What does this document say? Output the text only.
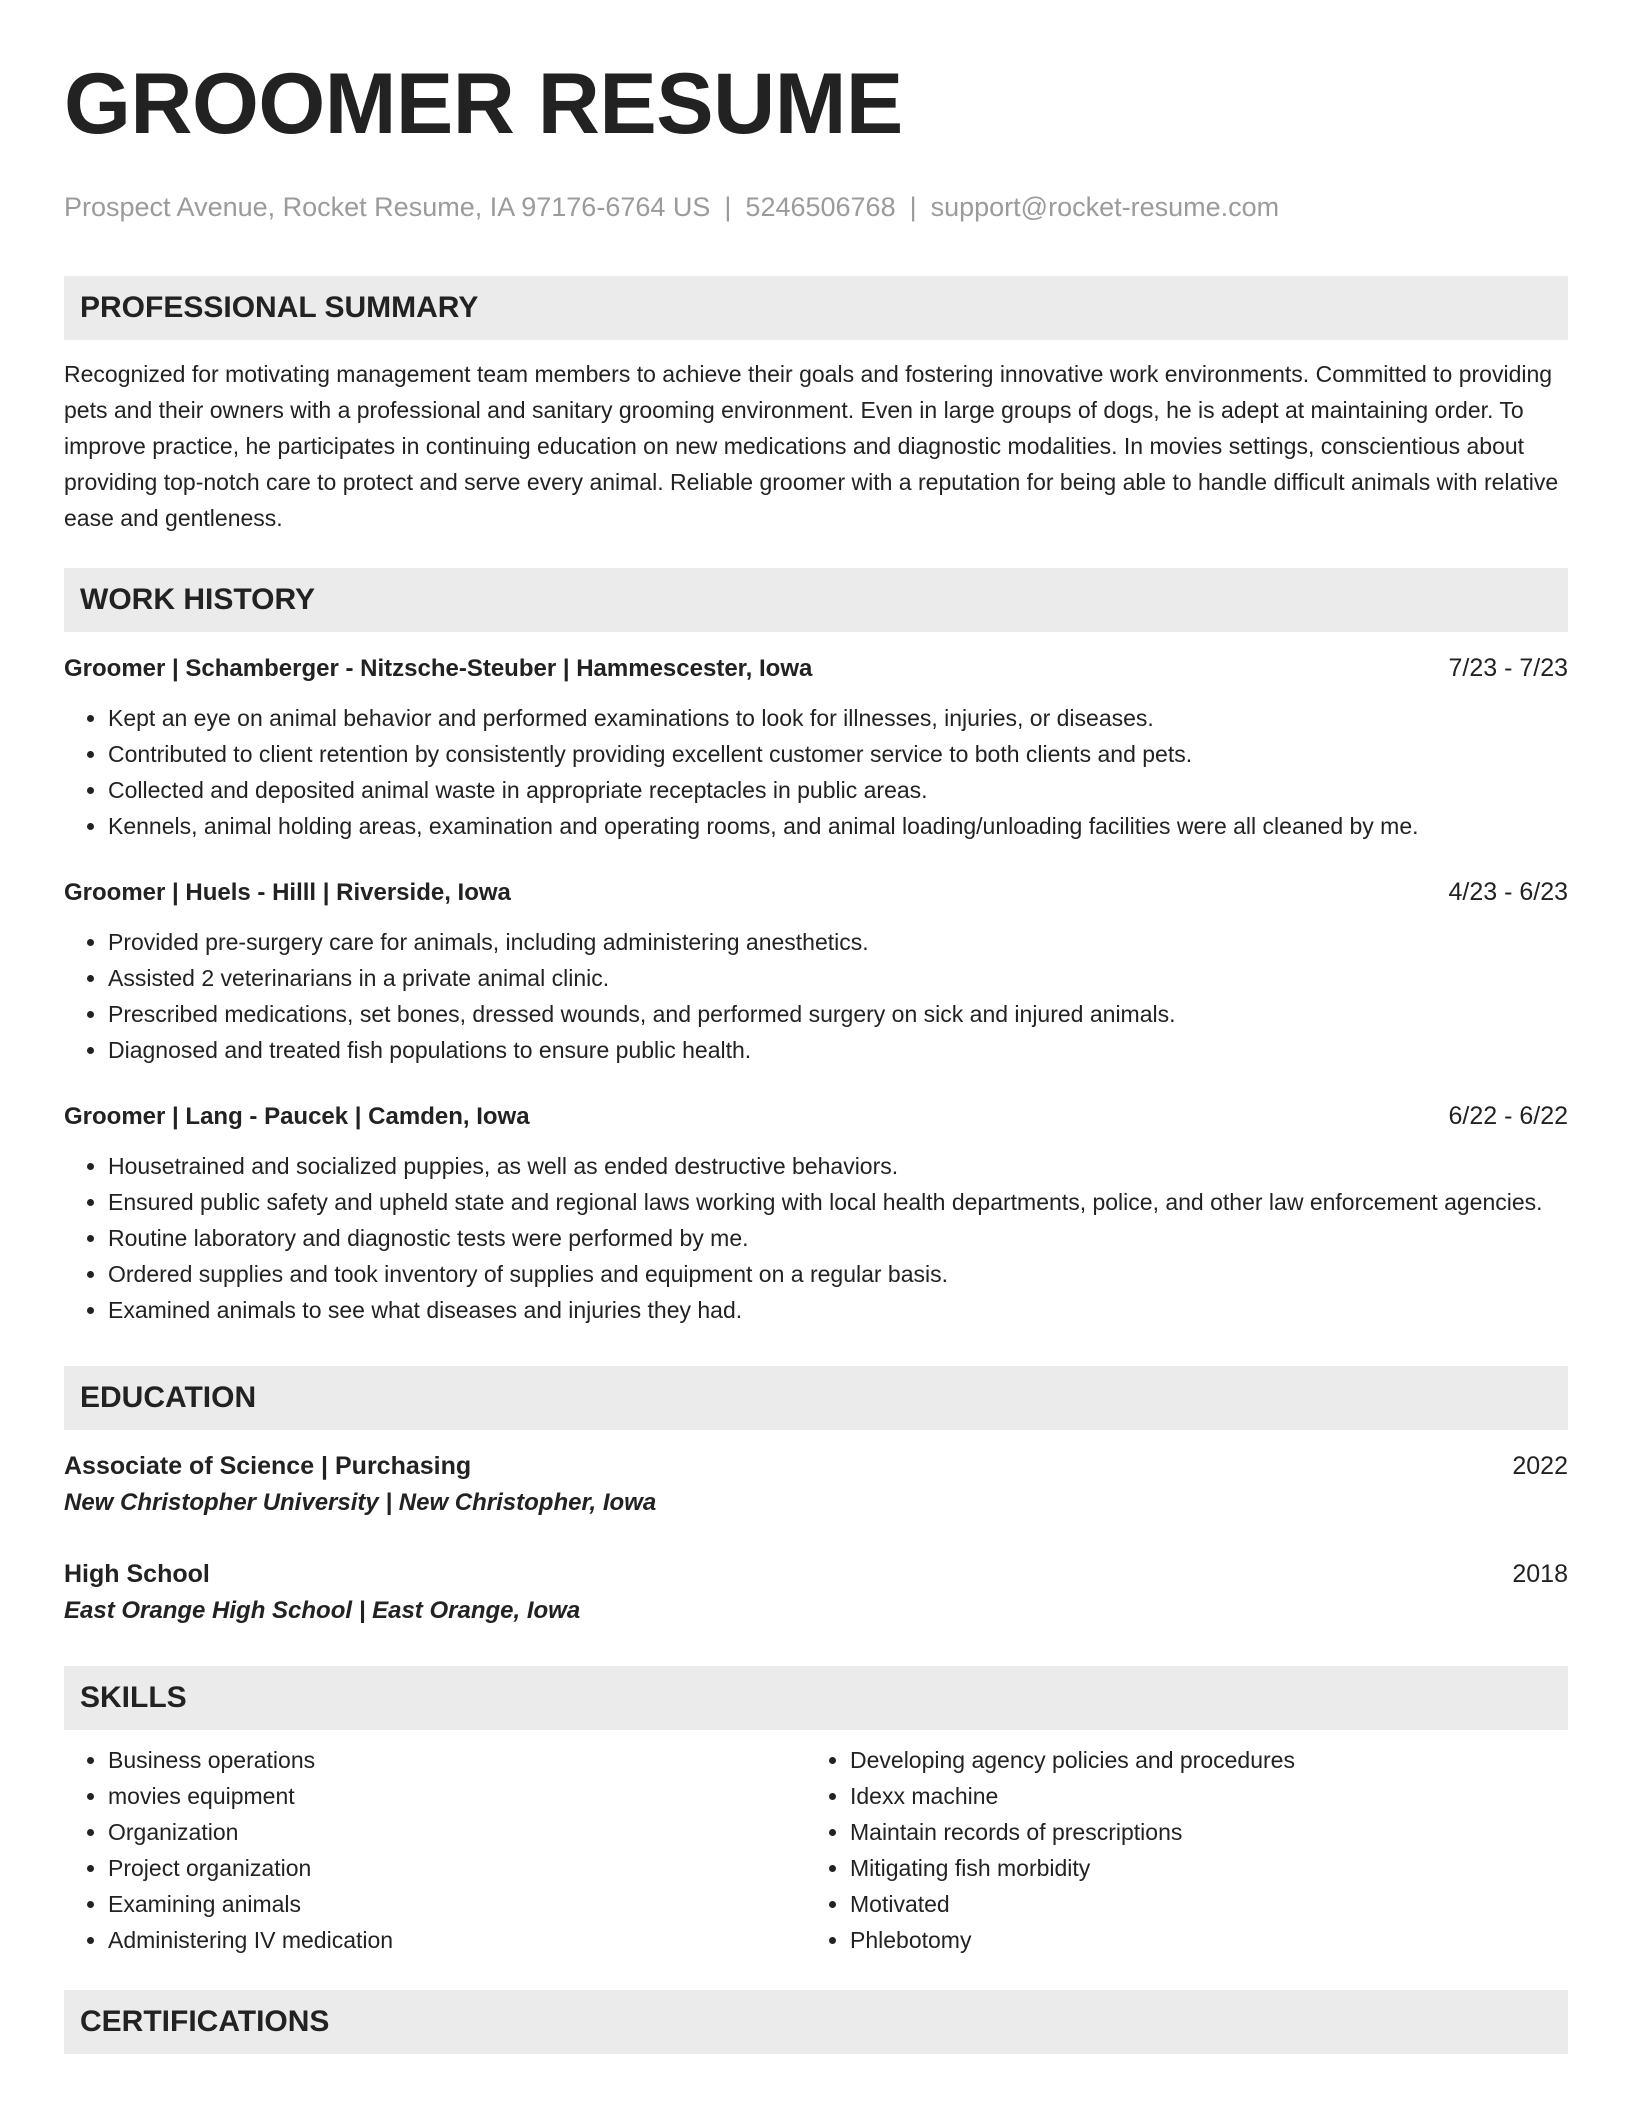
GROOMER RESUME
Prospect Avenue, Rocket Resume, IA 97176-6764 US | 5246506768 | support@rocket-resume.com
PROFESSIONAL SUMMARY
Recognized for motivating management team members to achieve their goals and fostering innovative work environments. Committed to providing pets and their owners with a professional and sanitary grooming environment. Even in large groups of dogs, he is adept at maintaining order. To improve practice, he participates in continuing education on new medications and diagnostic modalities. In movies settings, conscientious about providing top-notch care to protect and serve every animal. Reliable groomer with a reputation for being able to handle difficult animals with relative ease and gentleness.
WORK HISTORY
Groomer | Schamberger - Nitzsche-Steuber | Hammescester, Iowa	7/23 - 7/23
• Kept an eye on animal behavior and performed examinations to look for illnesses, injuries, or diseases.
• Contributed to client retention by consistently providing excellent customer service to both clients and pets.
• Collected and deposited animal waste in appropriate receptacles in public areas.
• Kennels, animal holding areas, examination and operating rooms, and animal loading/unloading facilities were all cleaned by me.
Groomer | Huels - Hilll | Riverside, Iowa	4/23 - 6/23
• Provided pre-surgery care for animals, including administering anesthetics.
• Assisted 2 veterinarians in a private animal clinic.
• Prescribed medications, set bones, dressed wounds, and performed surgery on sick and injured animals.
• Diagnosed and treated fish populations to ensure public health.
Groomer | Lang - Paucek | Camden, Iowa	6/22 - 6/22
• Housetrained and socialized puppies, as well as ended destructive behaviors.
• Ensured public safety and upheld state and regional laws working with local health departments, police, and other law enforcement agencies.
• Routine laboratory and diagnostic tests were performed by me.
• Ordered supplies and took inventory of supplies and equipment on a regular basis.
• Examined animals to see what diseases and injuries they had.
EDUCATION
Associate of Science | Purchasing	2022
New Christopher University | New Christopher, Iowa
High School	2018
East Orange High School | East Orange, Iowa
SKILLS
• Business operations
• movies equipment
• Organization
• Project organization
• Examining animals
• Administering IV medication
• Developing agency policies and procedures
• Idexx machine
• Maintain records of prescriptions
• Mitigating fish morbidity
• Motivated
• Phlebotomy
CERTIFICATIONS
